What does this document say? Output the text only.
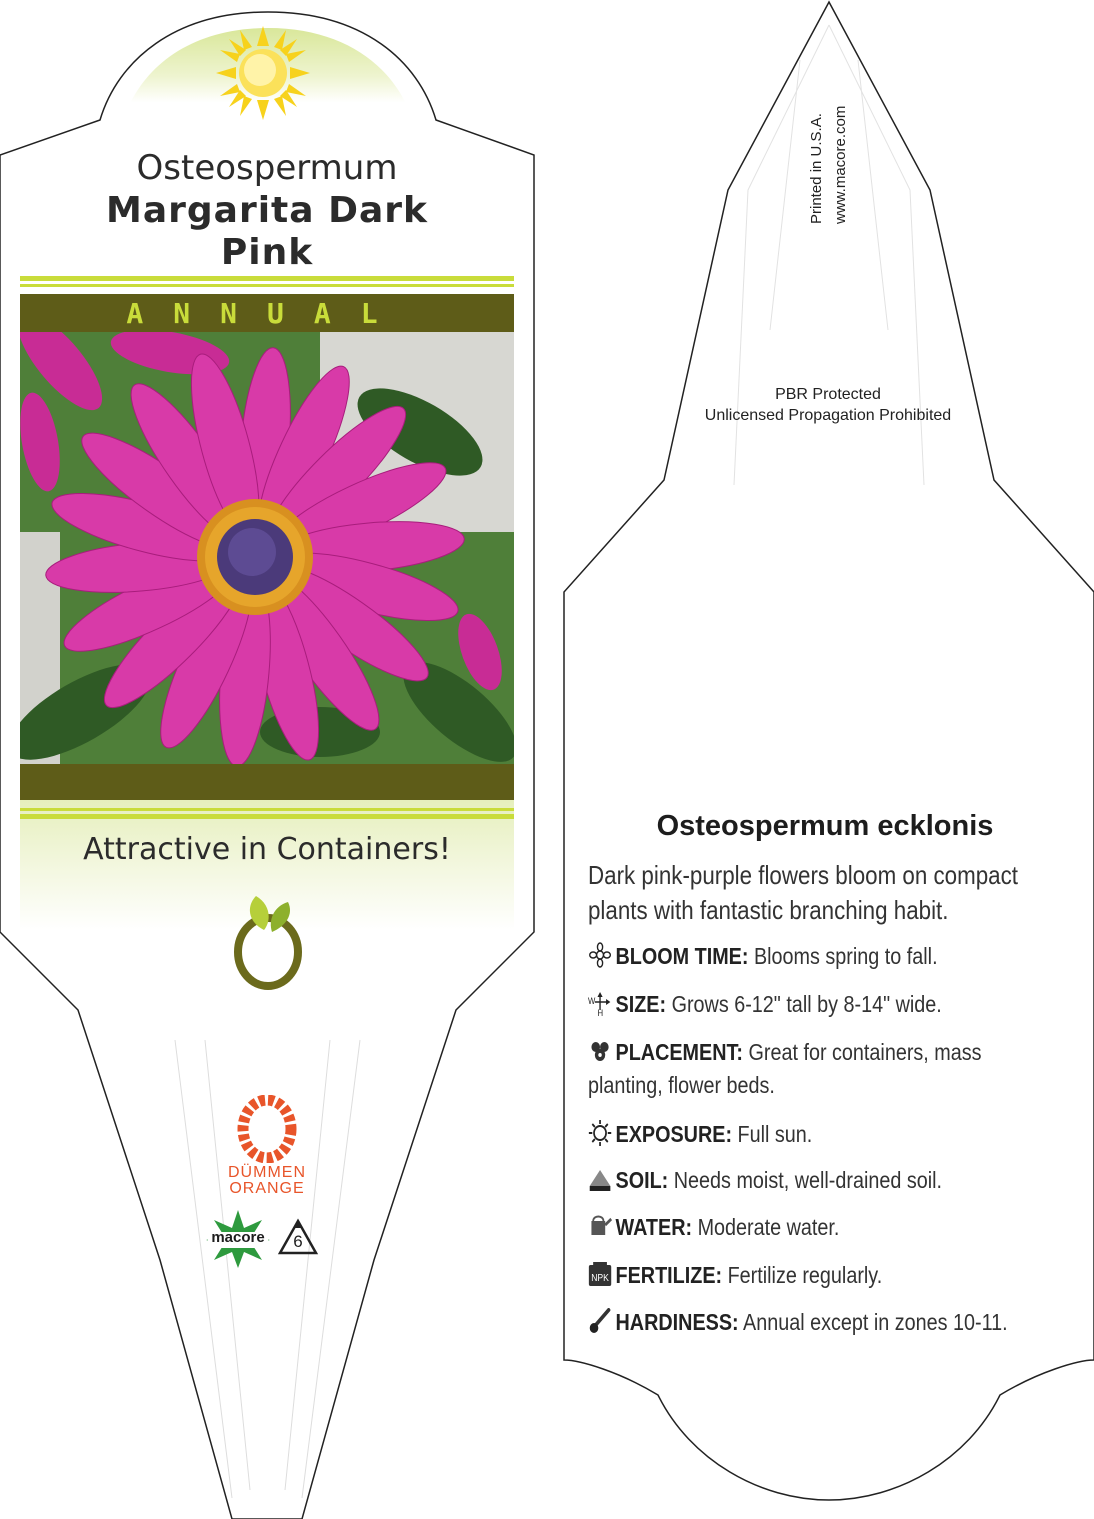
Osteospermum
Margarita Dark
Pink
ANNUAL
Attractive in Containers!
DÜMMEN
ORANGE
macore	6
Printed in U.S.A. www.macore.com
PBR Protected
Unlicensed Propagation Prohibited
Osteospermum ecklonis
Dark pink-purple flowers bloom on compact
plants with fantastic branching habit.
BLOOM TIME: Blooms spring to fall.
W
H SIZE: Grows 6-12" tall by 8-14" wide.
PLACEMENT: Great for containers, mass
planting, flower beds.
EXPOSURE: Full sun.
SOIL: Needs moist, well-drained soil.
WATER: Moderate water.
NPK FERTILIZE: Fertilize regularly.
HARDINESS: Annual except in zones 10-11.
